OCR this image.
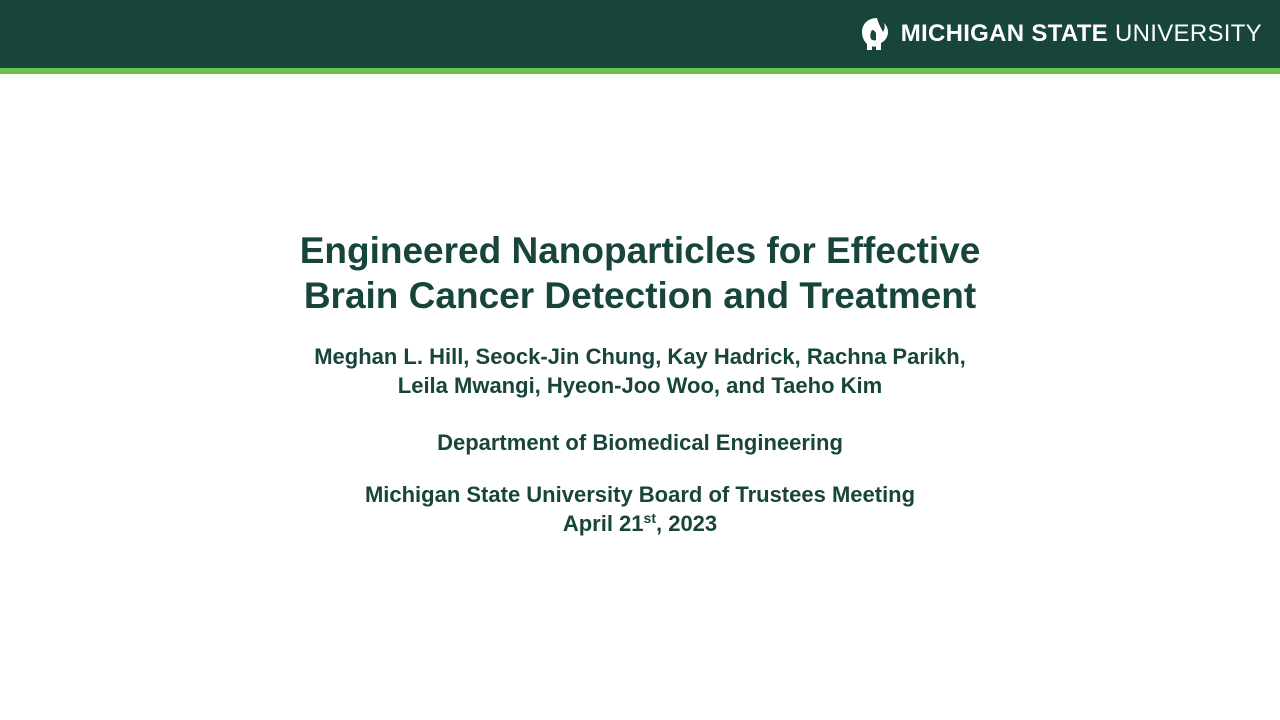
MICHIGAN STATE UNIVERSITY
Engineered Nanoparticles for Effective
Brain Cancer Detection and Treatment
Meghan L. Hill, Seock-Jin Chung, Kay Hadrick, Rachna Parikh,
Leila Mwangi, Hyeon-Joo Woo, and Taeho Kim
Department of Biomedical Engineering
Michigan State University Board of Trustees Meeting
April 21st, 2023
